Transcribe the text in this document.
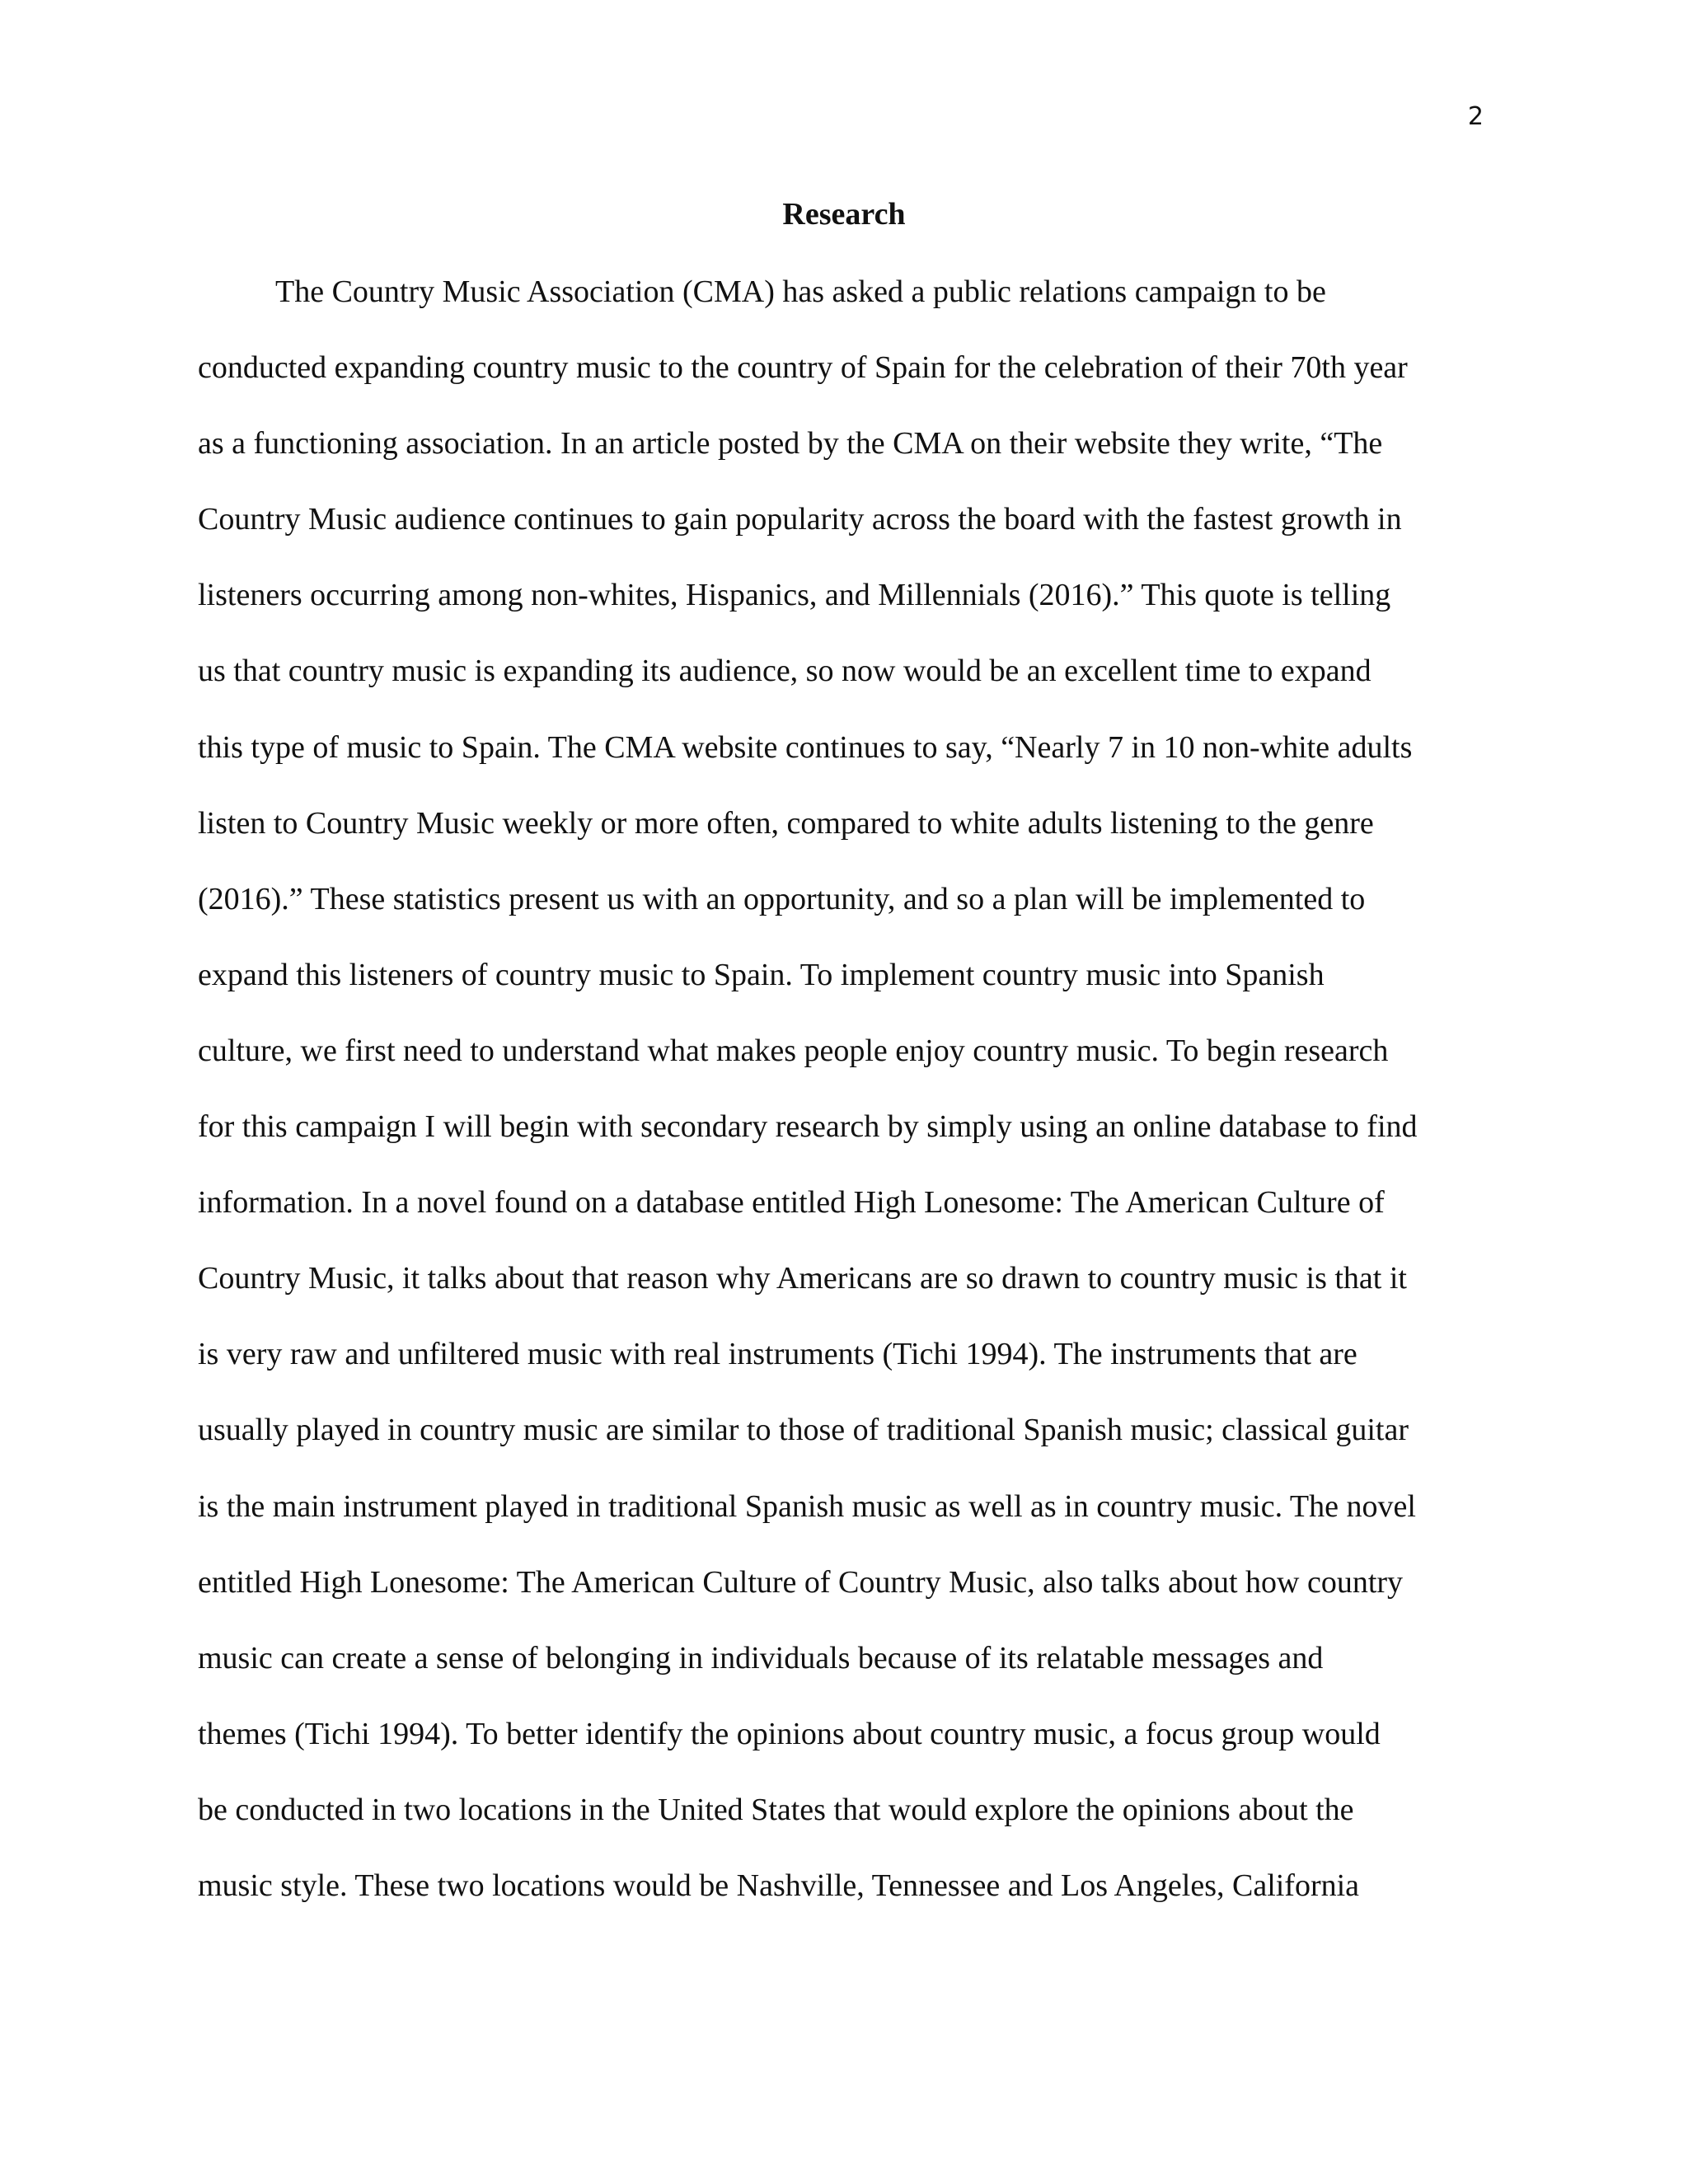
2
Research
The Country Music Association (CMA) has asked a public relations campaign to be
conducted expanding country music to the country of Spain for the celebration of their 70th year
as a functioning association. In an article posted by the CMA on their website they write, “The
Country Music audience continues to gain popularity across the board with the fastest growth in
listeners occurring among non-whites, Hispanics, and Millennials (2016).” This quote is telling
us that country music is expanding its audience, so now would be an excellent time to expand
this type of music to Spain. The CMA website continues to say, “Nearly 7 in 10 non-white adults
listen to Country Music weekly or more often, compared to white adults listening to the genre
(2016).” These statistics present us with an opportunity, and so a plan will be implemented to
expand this listeners of country music to Spain. To implement country music into Spanish
culture, we first need to understand what makes people enjoy country music. To begin research
for this campaign I will begin with secondary research by simply using an online database to find
information. In a novel found on a database entitled High Lonesome: The American Culture of
Country Music, it talks about that reason why Americans are so drawn to country music is that it
is very raw and unfiltered music with real instruments (Tichi 1994). The instruments that are
usually played in country music are similar to those of traditional Spanish music; classical guitar
is the main instrument played in traditional Spanish music as well as in country music. The novel
entitled High Lonesome: The American Culture of Country Music, also talks about how country
music can create a sense of belonging in individuals because of its relatable messages and
themes (Tichi 1994). To better identify the opinions about country music, a focus group would
be conducted in two locations in the United States that would explore the opinions about the
music style. These two locations would be Nashville, Tennessee and Los Angeles, California
